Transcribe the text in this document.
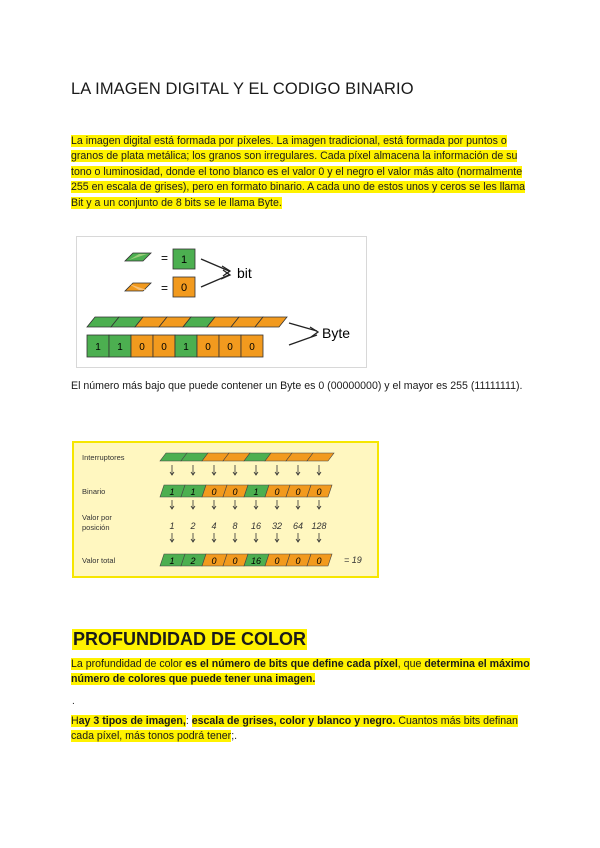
LA IMAGEN DIGITAL Y EL CODIGO BINARIO
La imagen digital está formada por píxeles. La imagen tradicional, está formada por puntos o granos de plata metálica; los granos son irregulares. Cada píxel almacena la información de su tono o luminosidad, donde el tono blanco es el valor 0 y el negro el valor más alto (normalmente 255 en escala de grises), pero en formato binario. A cada uno de estos unos y ceros se les llama Bit y a un conjunto de 8 bits se le llama Byte.
= 1
= 0
bit
1 1 0 0 1 0 0 0
Byte
El número más bajo que puede contener un Byte es 0 (00000000) y el mayor es 255 (11111111).
Interruptores
Binario
Valor por
posición
Valor total
1
1
1
1
2
2
0
4
0
0
8
0
1
16
16
0
32
0
0
64
0
0
128
0 = 19
PROFUNDIDAD DE COLOR
La profundidad de color es el número de bits que define cada píxel, que determina el máximo número de colores que puede tener una imagen.
.
Hay 3 tipos de imagen,: escala de grises, color y blanco y negro. Cuantos más bits definan cada píxel, más tonos podrá tener;.
